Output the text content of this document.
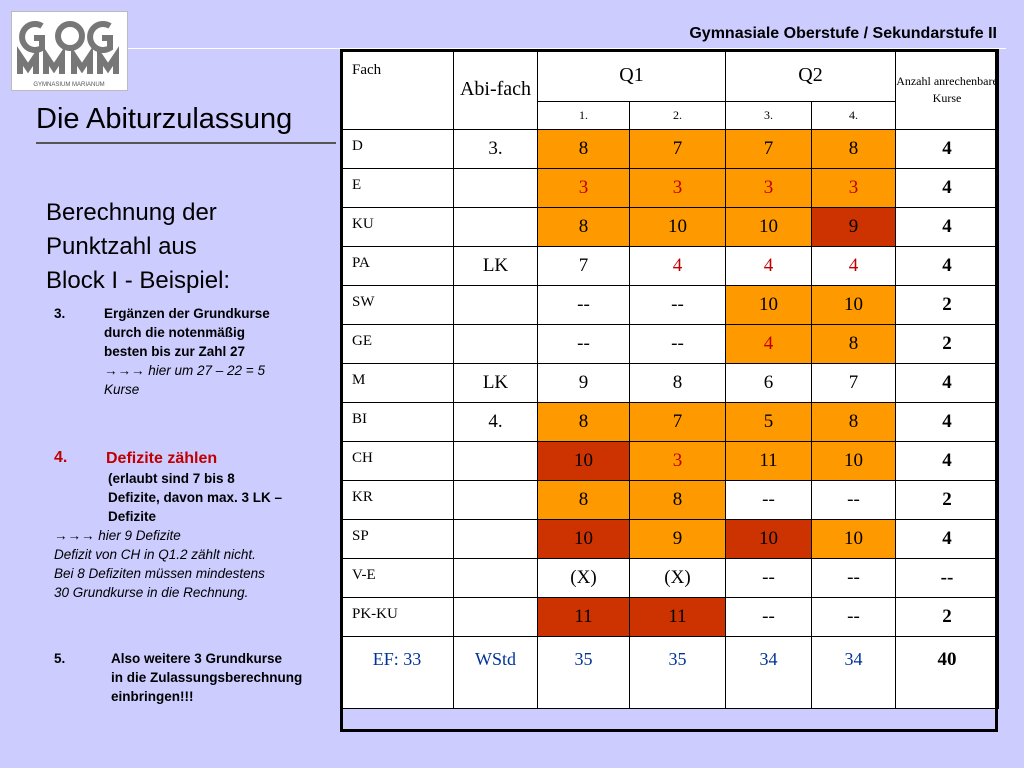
GYMNASIUM MARIANUM
Gymnasiale Oberstufe / Sekundarstufe II
Die Abiturzulassung
Berechnung der
Punktzahl aus
Block I - Beispiel:
3.	Ergänzen der Grundkurse
durch die notenmäßig
besten bis zur Zahl 27
→→→ hier um 27 – 22 = 5
Kurse
4. Defizite zählen
(erlaubt sind 7 bis 8
Defizite, davon max. 3 LK –
Defizite
→→→ hier 9 Defizite
Defizit von CH in Q1.2 zählt nicht.
Bei 8 Defiziten müssen mindestens
30 Grundkurse in die Rechnung.
5.	Also weitere 3 Grundkurse
in die Zulassungsberechnung
einbringen!!!
Fach	Abi-fach	Q1		Q2		Anzahl anrechenbare Kurse
		1.	2.	3.	4.	
D	3.	8	7	7	8	4
E		3	3	3	3	4
KU		8	10	10	9	4
PA	LK	7	4	4	4	4
SW		--	--	10	10	2
GE		--	--	4	8	2
M	LK	9	8	6	7	4
BI	4.	8	7	5	8	4
CH		10	3	11	10	4
KR		8	8	--	--	2
SP		10	9	10	10	4
V-E		(X)	(X)	--	--	--
PK-KU		11	11	--	--	2
EF: 33	WStd	35	35	34	34	40
